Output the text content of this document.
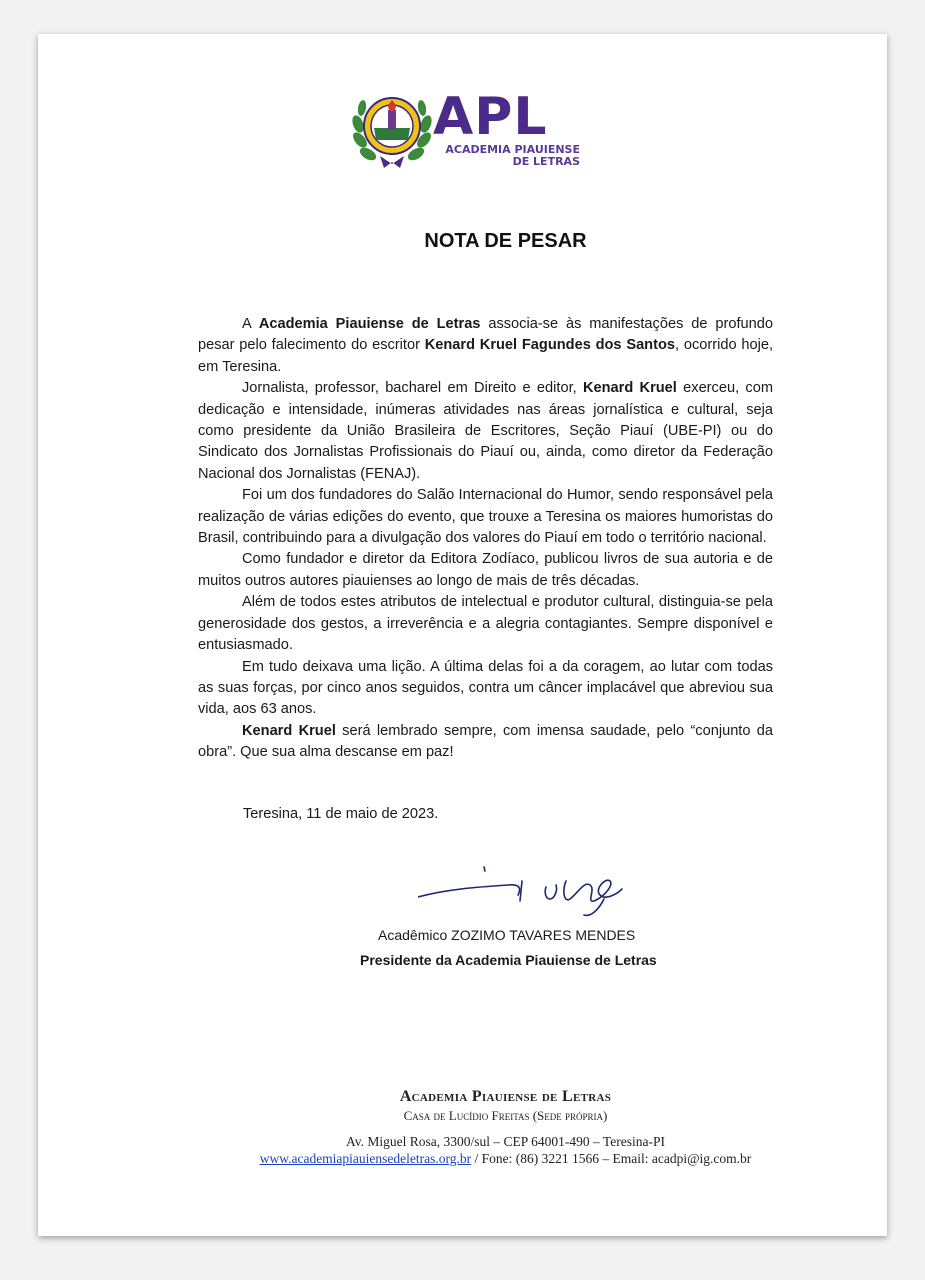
APL
ACADEMIA PIAUIENSE
DE LETRAS
NOTA DE PESAR

A Academia Piauiense de Letras associa-se às manifestações de profundo pesar pelo falecimento do escritor Kenard Kruel Fagundes dos Santos, ocorrido hoje, em Teresina.

Jornalista, professor, bacharel em Direito e editor, Kenard Kruel exerceu, com dedicação e intensidade, inúmeras atividades nas áreas jornalística e cultural, seja como presidente da União Brasileira de Escritores, Seção Piauí (UBE-PI) ou do Sindicato dos Jornalistas Profissionais do Piauí ou, ainda, como diretor da Federação Nacional dos Jornalistas (FENAJ).

Foi um dos fundadores do Salão Internacional do Humor, sendo responsável pela realização de várias edições do evento, que trouxe a Teresina os maiores humoristas do Brasil, contribuindo para a divulgação dos valores do Piauí em todo o território nacional.

Como fundador e diretor da Editora Zodíaco, publicou livros de sua autoria e de muitos outros autores piauienses ao longo de mais de três décadas.

Além de todos estes atributos de intelectual e produtor cultural, distinguia-se pela generosidade dos gestos, a irreverência e a alegria contagiantes. Sempre disponível e entusiasmado.

Em tudo deixava uma lição. A última delas foi a da coragem, ao lutar com todas as suas forças, por cinco anos seguidos, contra um câncer implacável que abreviou sua vida, aos 63 anos.

Kenard Kruel será lembrado sempre, com imensa saudade, pelo “conjunto da obra”. Que sua alma descanse em paz!

Teresina, 11 de maio de 2023.
Acadêmico ZOZIMO TAVARES MENDES
Presidente da Academia Piauiense de Letras
Academia Piauiense de Letras
Casa de Lucídio Freitas (Sede própria)
Av. Miguel Rosa, 3300/sul – CEP 64001-490 – Teresina-PI
www.academiapiauiensedeletras.org.br / Fone: (86) 3221 1566 – Email: acadpi@ig.com.br
